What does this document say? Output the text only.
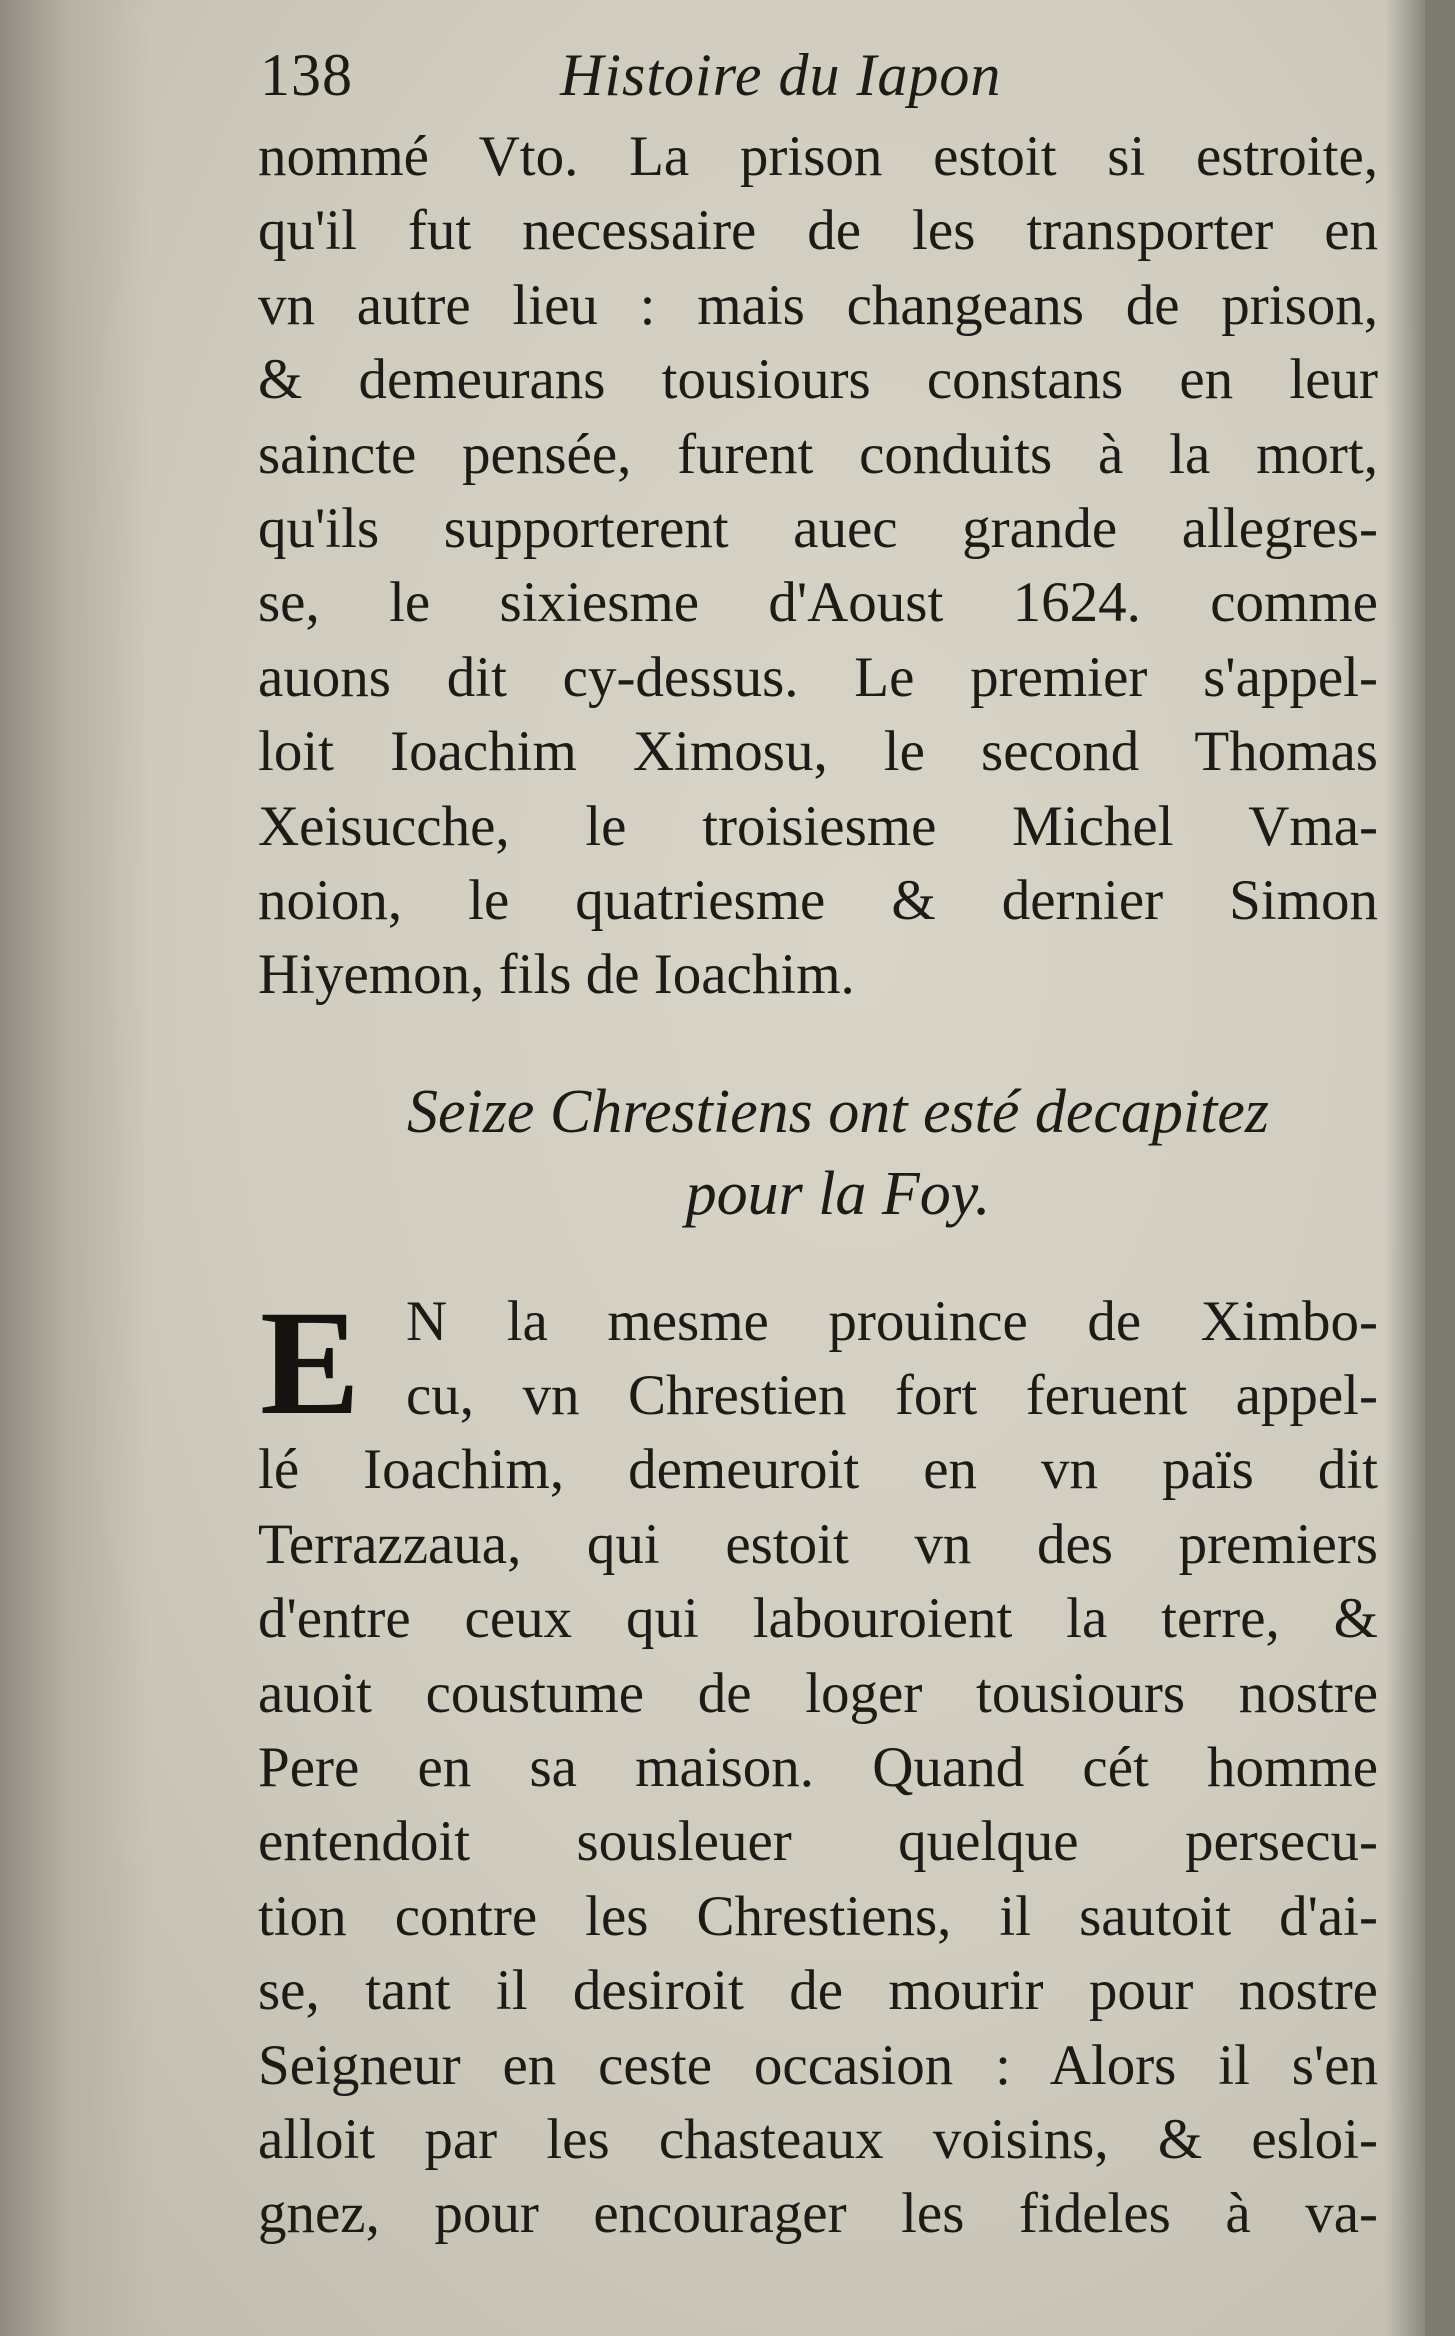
138	Histoire du Iapon
nommé Vto. La prison estoit si estroite,
qu'il fut necessaire de les transporter en
vn autre lieu : mais changeans de prison,
& demeurans tousiours constans en leur
saincte pensée, furent conduits à la mort,
qu'ils supporterent auec grande allegres-
se, le sixiesme d'Aoust 1624. comme
auons dit cy-dessus. Le premier s'appel-
loit Ioachim Ximosu, le second Thomas
Xeisucche, le troisiesme Michel Vma-
noion, le quatriesme & dernier Simon
Hiyemon, fils de Ioachim.
Seize Chrestiens ont esté decapitez
pour la Foy.
E N la mesme prouince de Ximbo-
cu, vn Chrestien fort feruent appel-
lé Ioachim, demeuroit en vn païs dit
Terrazzaua, qui estoit vn des premiers
d'entre ceux qui labouroient la terre, &
auoit coustume de loger tousiours nostre
Pere en sa maison. Quand cét homme
entendoit sousleuer quelque persecu-
tion contre les Chrestiens, il sautoit d'ai-
se, tant il desiroit de mourir pour nostre
Seigneur en ceste occasion : Alors il s'en
alloit par les chasteaux voisins, & esloi-
gnez, pour encourager les fideles à va-
